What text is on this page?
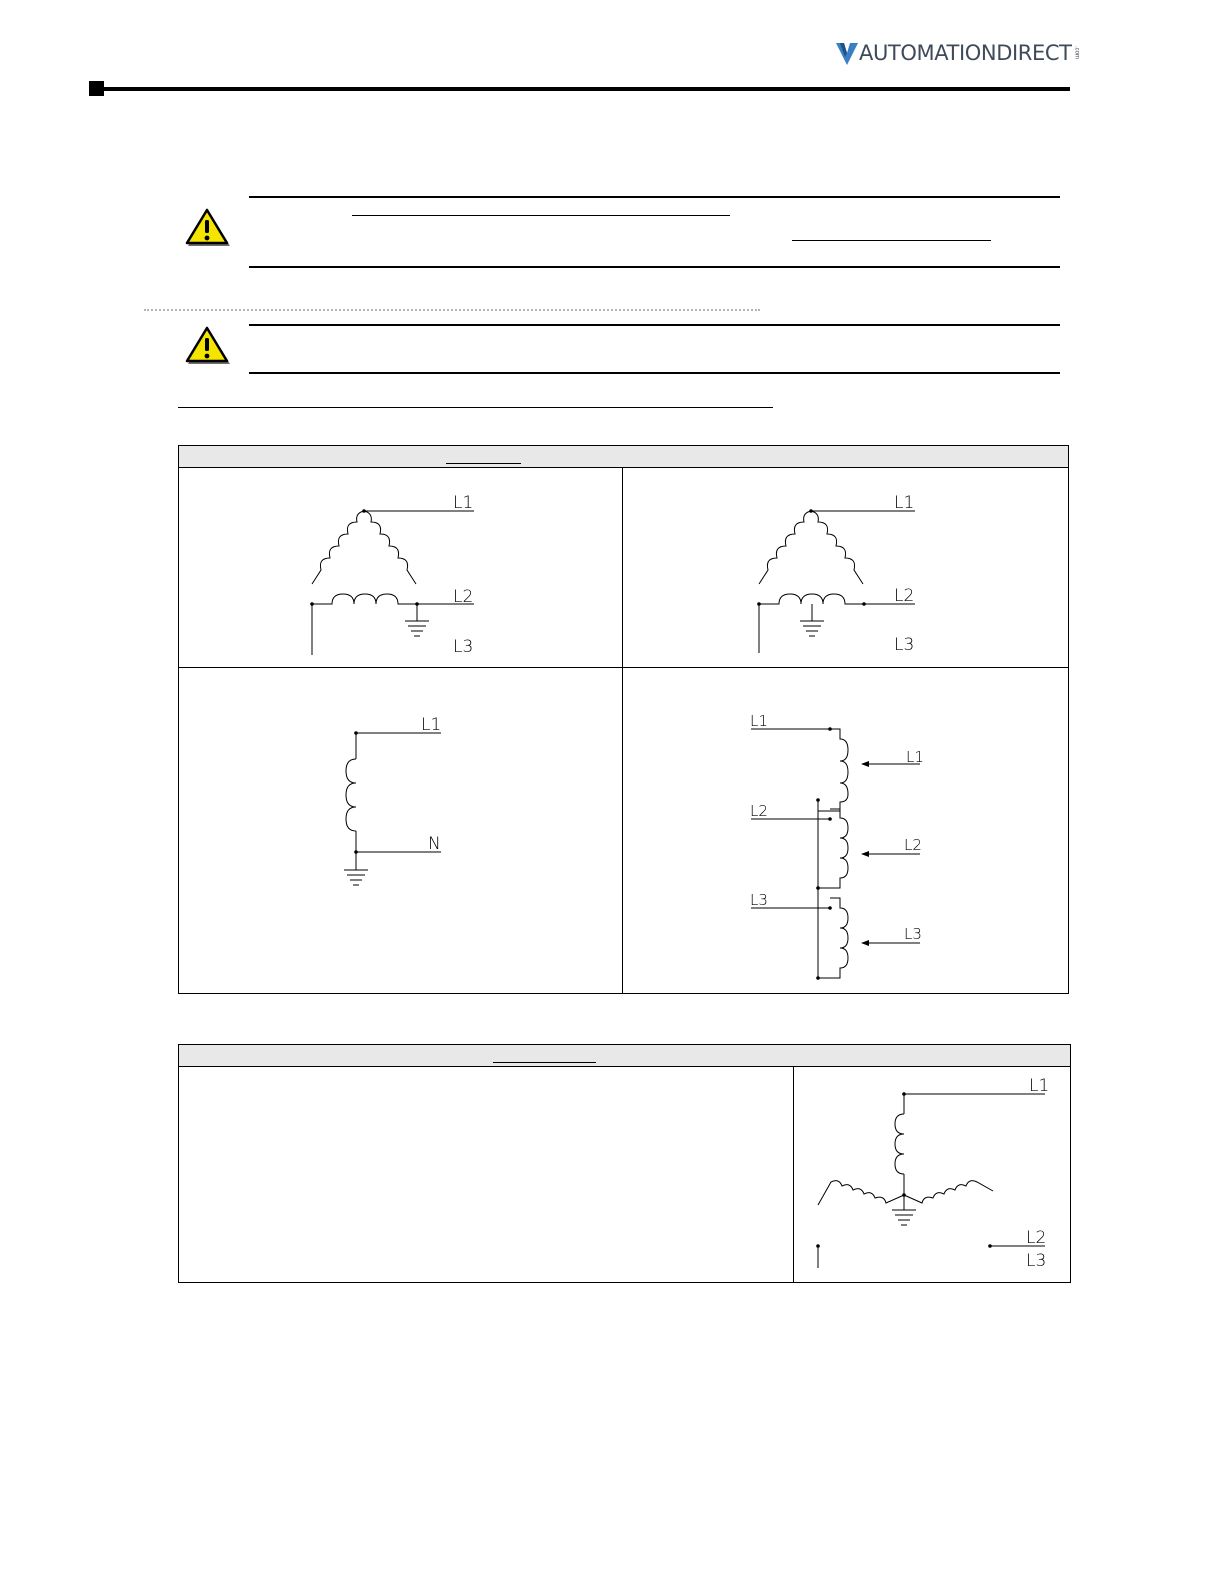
AUTOMATIONDIRECT .com
L1
L2
L3
L1
L2
L3
L1
N
L1
L2
L3
L1
L2
L3
L1
L2
L3
